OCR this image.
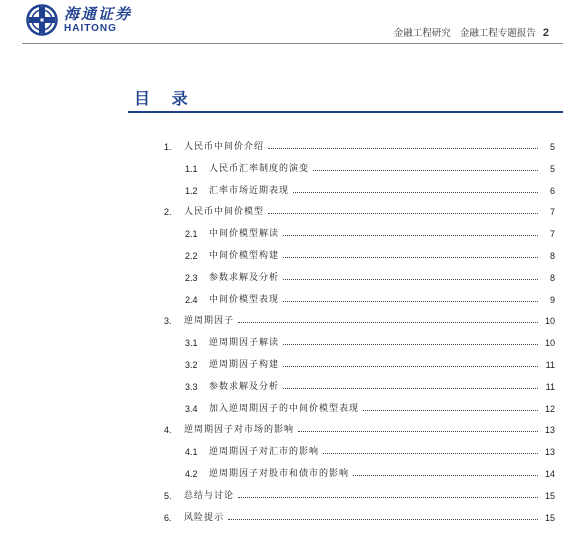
海通证券
HAITONG	金融工程研究 金融工程专题报告 2
目 录
1.	人民币中间价介绍	5
1.1	人民币汇率制度的演变	5
1.2	汇率市场近期表现	6
2.	人民币中间价模型	7
2.1	中间价模型解读	7
2.2	中间价模型构建	8
2.3	参数求解及分析	8
2.4	中间价模型表现	9
3.	逆周期因子	10
3.1	逆周期因子解读	10
3.2	逆周期因子构建	11
3.3	参数求解及分析	11
3.4	加入逆周期因子的中间价模型表现	12
4.	逆周期因子对市场的影响	13
4.1	逆周期因子对汇市的影响	13
4.2	逆周期因子对股市和债市的影响	14
5.	总结与讨论	15
6.	风险提示	15
